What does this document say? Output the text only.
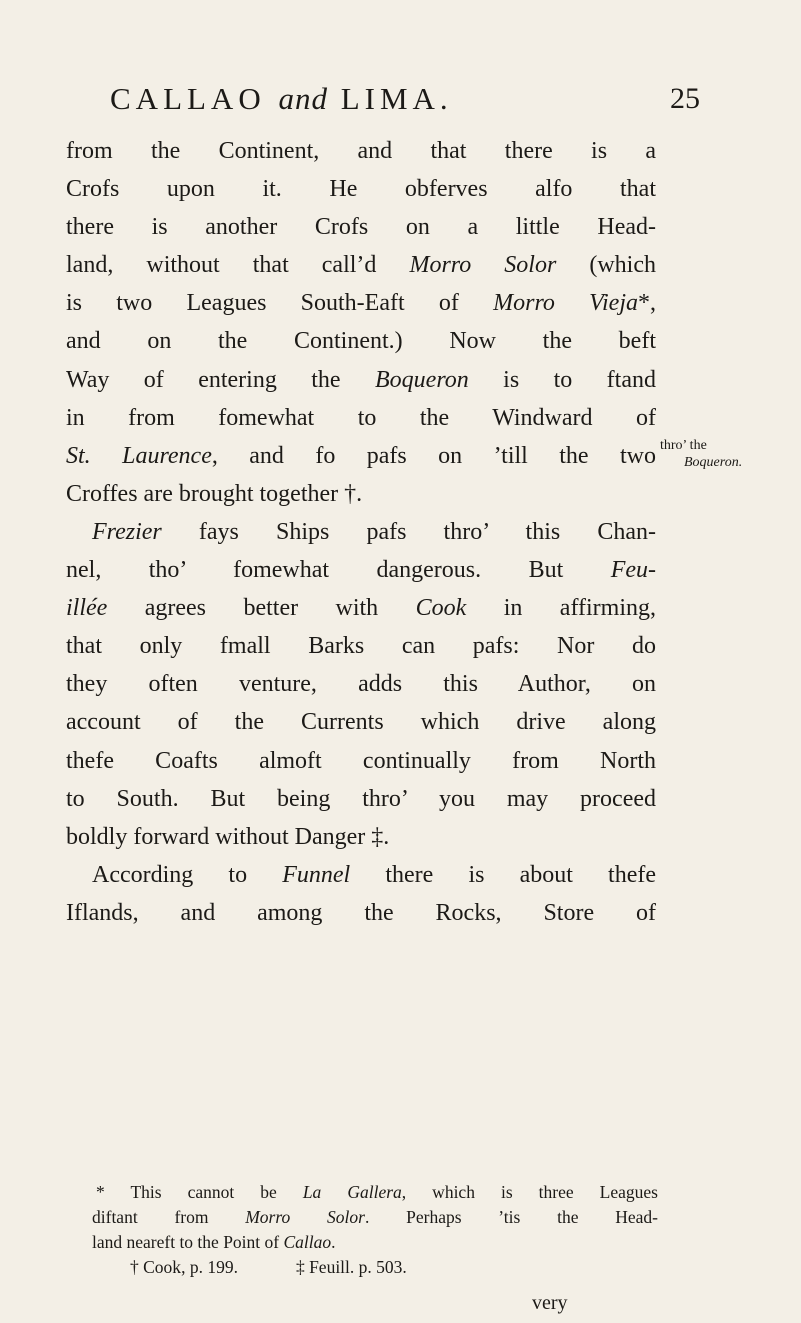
CALLAO and LIMA.	25
from the Continent, and that there is a
Crofs upon it. He obferves alfo that
there is another Crofs on a little Head-
land, without that call’d Morro Solor (which
is two Leagues South-Eaft of Morro Vieja*,
and on the Continent.) Now the beft
Way of entering the Boqueron is to ftand
in from fomewhat to the Windward of
St. Laurence, and fo pafs on ’till the two
Croffes are brought together †.
Frezier fays Ships pafs thro’ this Chan-
nel, tho’ fomewhat dangerous. But Feu-
illée agrees better with Cook in affirming,
that only fmall Barks can pafs: Nor do
they often venture, adds this Author, on
account of the Currents which drive along
thefe Coafts almoft continually from North
to South. But being thro’ you may proceed
boldly forward without Danger ‡.
According to Funnel there is about thefe
Iflands, and among the Rocks, Store of
thro’ the
Boqueron.
* This cannot be La Gallera, which is three Leagues
diftant from Morro Solor. Perhaps ’tis the Head-
land neareft to the Point of Callao.
† Cook, p. 199.	‡ Feuill. p. 503.
very
